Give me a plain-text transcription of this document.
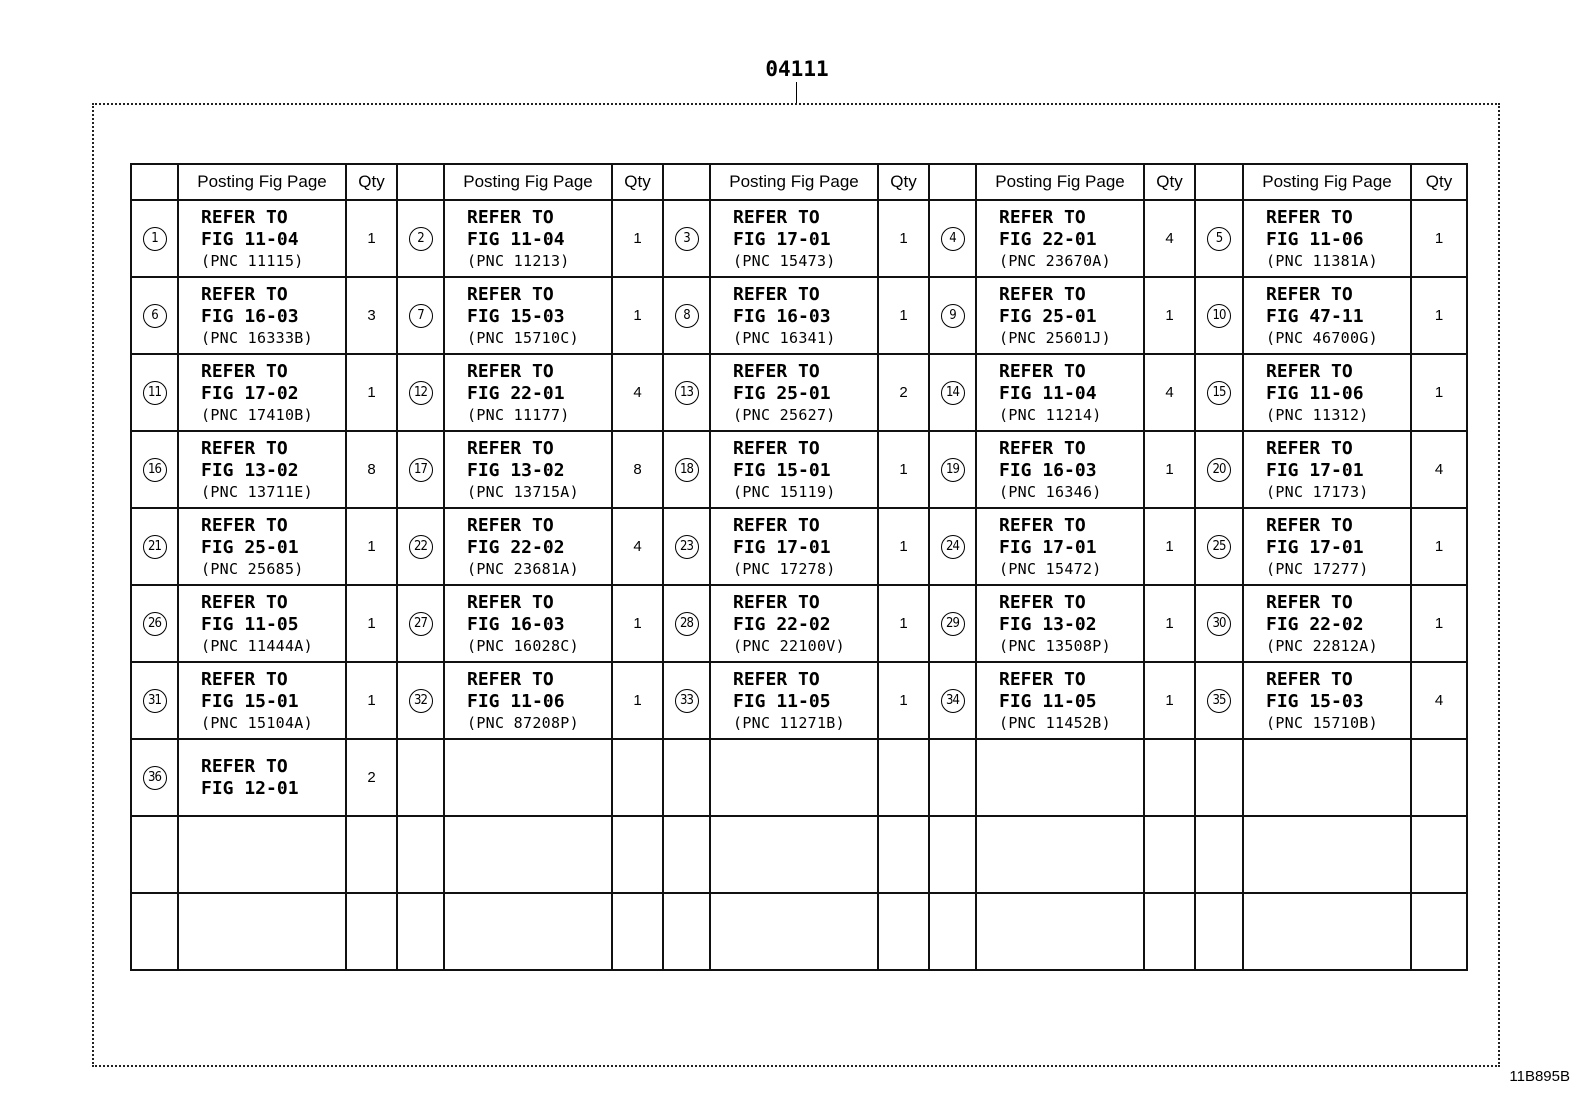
04111
	Posting Fig Page	Qty		Posting Fig Page	Qty		Posting Fig Page	Qty		Posting Fig Page	Qty		Posting Fig Page	Qty
1	REFER TO
FIG 11-04
(PNC 11115)	1	2	REFER TO
FIG 11-04
(PNC 11213)	1	3	REFER TO
FIG 17-01
(PNC 15473)	1	4	REFER TO
FIG 22-01
(PNC 23670A)	4	5	REFER TO
FIG 11-06
(PNC 11381A)	1
6	REFER TO
FIG 16-03
(PNC 16333B)	3	7	REFER TO
FIG 15-03
(PNC 15710C)	1	8	REFER TO
FIG 16-03
(PNC 16341)	1	9	REFER TO
FIG 25-01
(PNC 25601J)	1	10	REFER TO
FIG 47-11
(PNC 46700G)	1
11	REFER TO
FIG 17-02
(PNC 17410B)	1	12	REFER TO
FIG 22-01
(PNC 11177)	4	13	REFER TO
FIG 25-01
(PNC 25627)	2	14	REFER TO
FIG 11-04
(PNC 11214)	4	15	REFER TO
FIG 11-06
(PNC 11312)	1
16	REFER TO
FIG 13-02
(PNC 13711E)	8	17	REFER TO
FIG 13-02
(PNC 13715A)	8	18	REFER TO
FIG 15-01
(PNC 15119)	1	19	REFER TO
FIG 16-03
(PNC 16346)	1	20	REFER TO
FIG 17-01
(PNC 17173)	4
21	REFER TO
FIG 25-01
(PNC 25685)	1	22	REFER TO
FIG 22-02
(PNC 23681A)	4	23	REFER TO
FIG 17-01
(PNC 17278)	1	24	REFER TO
FIG 17-01
(PNC 15472)	1	25	REFER TO
FIG 17-01
(PNC 17277)	1
26	REFER TO
FIG 11-05
(PNC 11444A)	1	27	REFER TO
FIG 16-03
(PNC 16028C)	1	28	REFER TO
FIG 22-02
(PNC 22100V)	1	29	REFER TO
FIG 13-02
(PNC 13508P)	1	30	REFER TO
FIG 22-02
(PNC 22812A)	1
31	REFER TO
FIG 15-01
(PNC 15104A)	1	32	REFER TO
FIG 11-06
(PNC 87208P)	1	33	REFER TO
FIG 11-05
(PNC 11271B)	1	34	REFER TO
FIG 11-05
(PNC 11452B)	1	35	REFER TO
FIG 15-03
(PNC 15710B)	4
36	REFER TO
FIG 12-01	2												

11B895B
